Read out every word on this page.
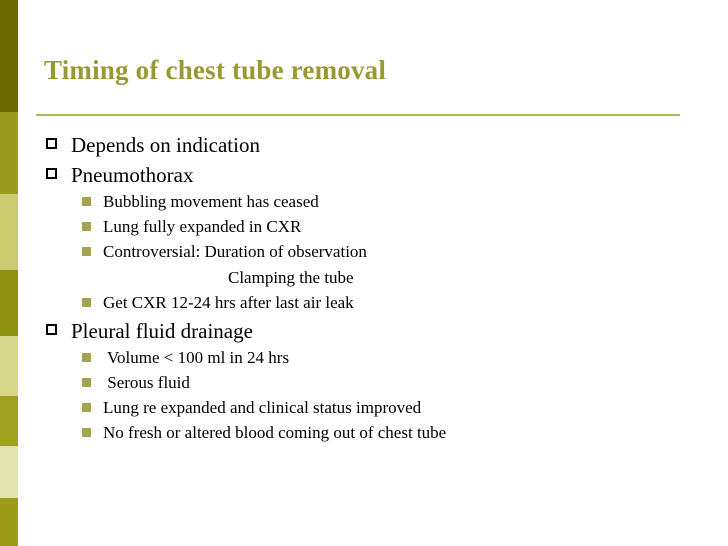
Timing of chest tube removal
Depends on indication
Pneumothorax
Bubbling movement has ceased
Lung fully expanded in CXR
Controversial: Duration of observation
Clamping the tube
Get CXR 12-24 hrs after last air leak
Pleural fluid drainage
Volume < 100 ml in 24 hrs
Serous fluid
Lung re expanded and clinical status improved
No fresh or altered blood coming out of chest tube
